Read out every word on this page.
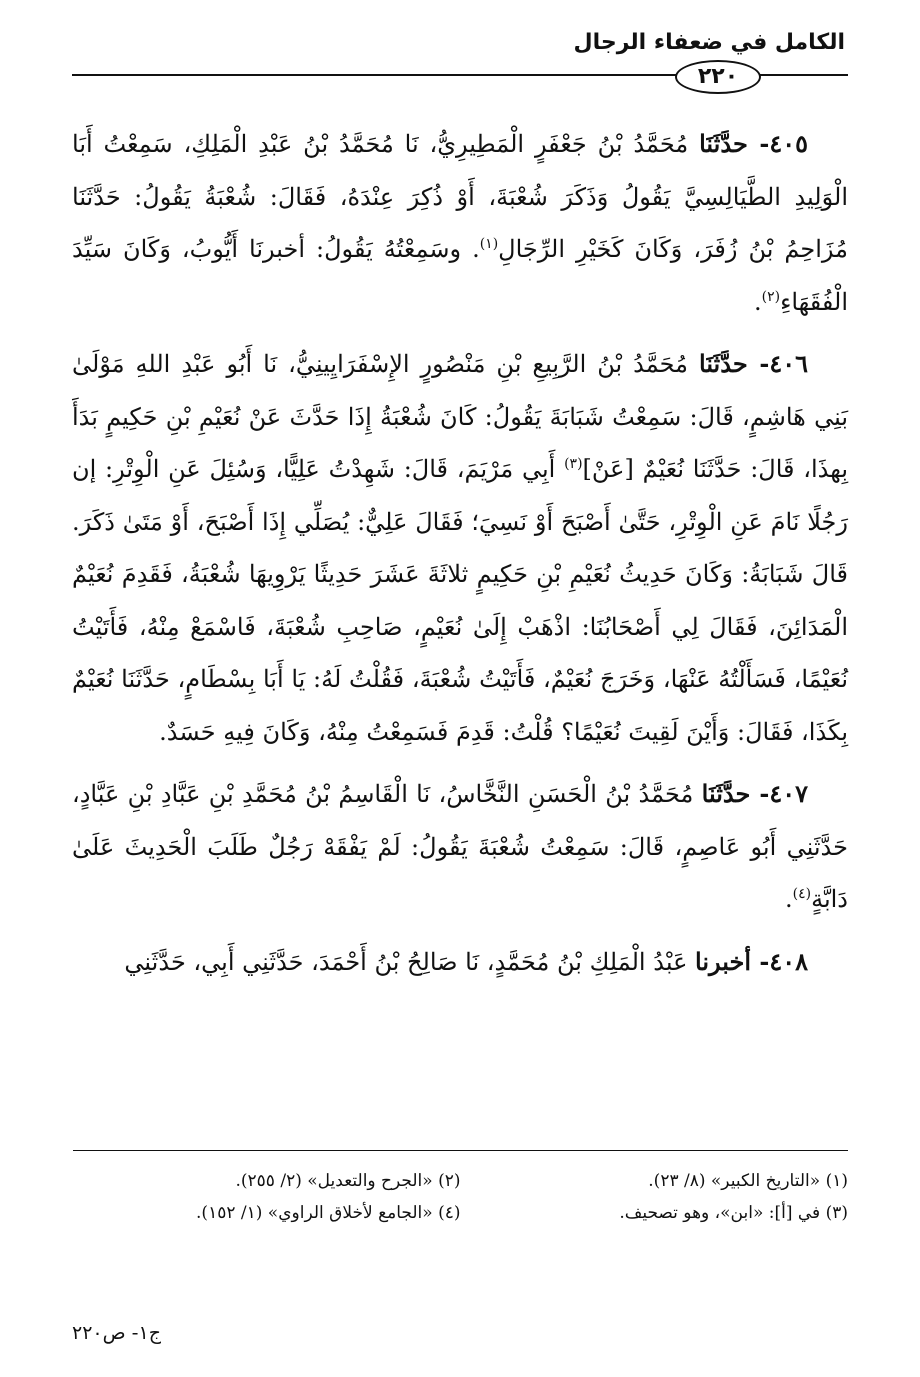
الكامل في ضعفاء الرجال
٢٢٠

٤٠٥- حدَّثَنَا مُحَمَّدُ بْنُ جَعْفَرٍ الْمَطِيرِيُّ، نَا مُحَمَّدُ بْنُ عَبْدِ الْمَلِكِ، سَمِعْتُ أَبَا الْوَلِيدِ الطَّيَالِسِيَّ يَقُولُ وَذَكَرَ شُعْبَةَ، أَوْ ذُكِرَ عِنْدَهُ، فَقَالَ: شُعْبَةُ يَقُولُ: حَدَّثَنَا مُزَاحِمُ بْنُ زُفَرَ، وَكَانَ كَخَيْرِ الرِّجَالِ$^{(١)}$. وسَمِعْتُهُ يَقُولُ: أخبرنَا أَيُّوبُ، وَكَانَ سَيِّدَ الْفُقَهَاءِ$^{(٢)}$.

٤٠٦- حدَّثَنَا مُحَمَّدُ بْنُ الرَّبِيعِ بْنِ مَنْصُورٍ الإِسْفَرَايِينِيُّ، نَا أَبُو عَبْدِ اللهِ مَوْلَىٰ بَنِي هَاشِمٍ، قَالَ: سَمِعْتُ شَبَابَةَ يَقُولُ: كَانَ شُعْبَةُ إِذَا حَدَّثَ عَنْ نُعَيْمِ بْنِ حَكِيمٍ بَدَأَ بِهذَا، قَالَ: حَدَّثَنَا نُعَيْمٌ [عَنْ]$^{(٣)}$ أَبِي مَرْيَمَ، قَالَ: شَهِدْتُ عَلِيًّا، وَسُئِلَ عَنِ الْوِتْرِ: إن رَجُلًا نَامَ عَنِ الْوِتْرِ، حَتَّىٰ أَصْبَحَ أَوْ نَسِيَ؛ فَقَالَ عَلِيٌّ: يُصَلِّي إِذَا أَصْبَحَ، أَوْ مَتَىٰ ذَكَرَ. قَالَ شَبَابَةُ: وَكَانَ حَدِيثُ نُعَيْمِ بْنِ حَكِيمٍ ثلاثَةَ عَشَرَ حَدِيثًا يَرْوِيهَا شُعْبَةُ، فَقَدِمَ نُعَيْمٌ الْمَدَائِنَ، فَقَالَ لِي أَصْحَابُنَا: اذْهَبْ إِلَىٰ نُعَيْمٍ، صَاحِبِ شُعْبَةَ، فَاسْمَعْ مِنْهُ، فَأَتَيْتُ نُعَيْمًا، فَسَأَلْتُهُ عَنْهَا، وَخَرَجَ نُعَيْمٌ، فَأَتَيْتُ شُعْبَةَ، فَقُلْتُ لَهُ: يَا أَبَا بِسْطَامٍ، حَدَّثَنَا نُعَيْمٌ بِكَذَا، فَقَالَ: وَأَيْنَ لَقِيتَ نُعَيْمًا؟ قُلْتُ: قَدِمَ فَسَمِعْتُ مِنْهُ، وَكَانَ فِيهِ حَسَدٌ.

٤٠٧- حدَّثَنَا مُحَمَّدُ بْنُ الْحَسَنِ النَّخَّاسُ، نَا الْقَاسِمُ بْنُ مُحَمَّدِ بْنِ عَبَّادِ بْنِ عَبَّادٍ، حَدَّثَنِي أَبُو عَاصِمٍ، قَالَ: سَمِعْتُ شُعْبَةَ يَقُولُ: لَمْ يَفْقَهْ رَجُلٌ طَلَبَ الْحَدِيثَ عَلَىٰ دَابَّةٍ$^{(٤)}$.

٤٠٨- أخبرنا عَبْدُ الْمَلِكِ بْنُ مُحَمَّدٍ، نَا صَالِحُ بْنُ أَحْمَدَ، حَدَّثَنِي أَبِي، حَدَّثَنِي

(١) «التاريخ الكبير» (٨/ ٢٣).
(٢) «الجرح والتعديل» (٢/ ٢٥٥).
(٣) في [أ]: «ابن»، وهو تصحيف.
(٤) «الجامع لأخلاق الراوي» (١/ ١٥٢).
ج١- ص٢٢٠
